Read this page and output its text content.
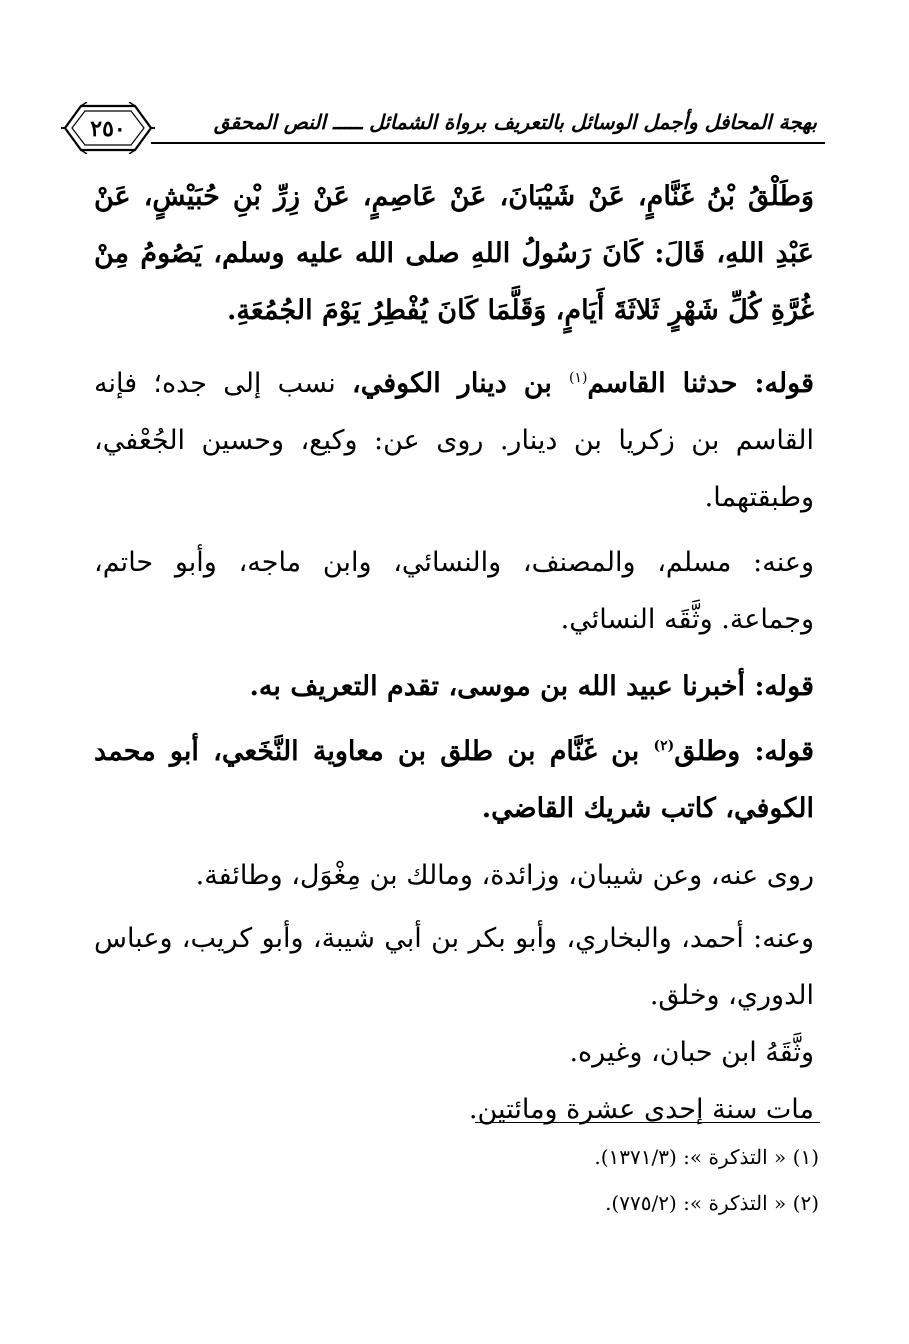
٢٥٠	بهجة المحافل وأجمل الوسائل بالتعريف برواة الشمائل ـــــ النص المحقق

وَطَلْقُ بْنُ غَنَّامٍ، عَنْ شَيْبَانَ، عَنْ عَاصِمٍ، عَنْ زِرِّ بْنِ حُبَيْشٍ، عَنْ عَبْدِ اللهِ، قَالَ: كَانَ رَسُولُ اللهِ صلى الله عليه وسلم، يَصُومُ مِنْ غُرَّةِ كُلِّ شَهْرٍ ثَلاثَةَ أَيَامٍ، وَقَلَّمَا كَانَ يُفْطِرُ يَوْمَ الجُمُعَةِ.

قوله: حدثنا القاسم$^{(١)}$ بن دينار الكوفي، نسب إلى جده؛ فإنه القاسم بن زكريا بن دينار. روى عن: وكيع، وحسين الجُعْفي، وطبقتهما.

وعنه: مسلم، والمصنف، والنسائي، وابن ماجه، وأبو حاتم، وجماعة. وثَّقَه النسائي.

قوله: أخبرنا عبيد الله بن موسى، تقدم التعريف به.

قوله: وطلق$^{(٢)}$ بن غَنَّام بن طلق بن معاوية النَّخَعي، أبو محمد الكوفي، كاتب شريك القاضي.

روى عنه، وعن شيبان، وزائدة، ومالك بن مِغْوَل، وطائفة.

وعنه: أحمد، والبخاري، وأبو بكر بن أبي شيبة، وأبو كريب، وعباس الدوري، وخلق.

وثَّقَهُ ابن حبان، وغيره.

مات سنة إحدى عشرة ومائتين.

(١) « التذكرة »: (١٣٧١/٣).

(٢) « التذكرة »: (٧٧٥/٢).
